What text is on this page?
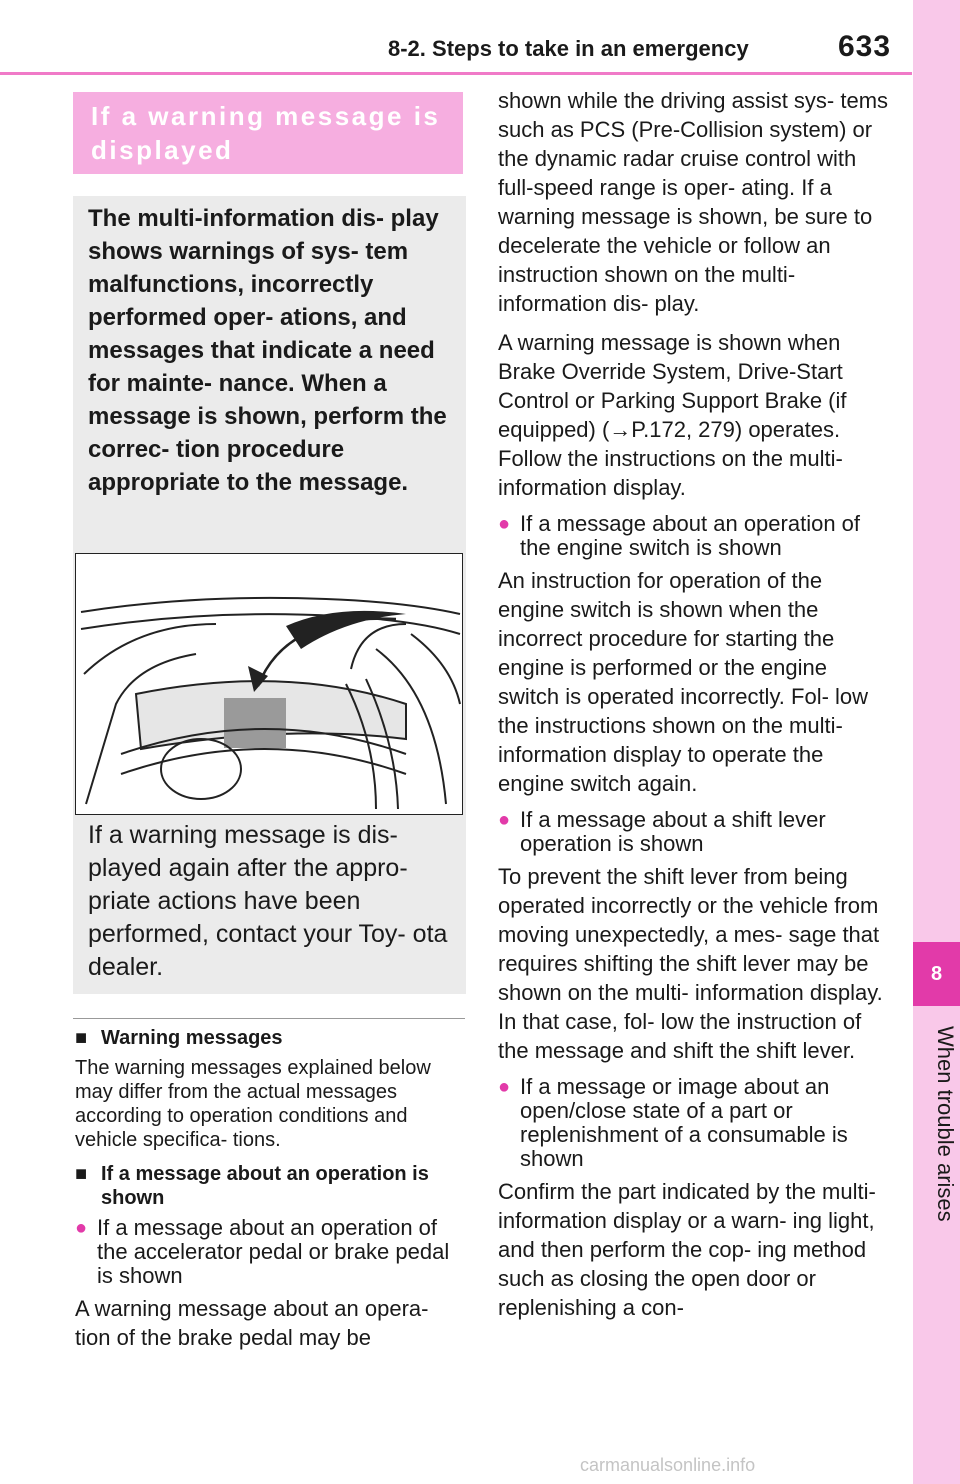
8-2. Steps to take in an emergency	633
8
When trouble arises
If a warning message is displayed
The multi-information dis- play shows warnings of sys- tem malfunctions, incorrectly performed oper- ations, and messages that indicate a need for mainte- nance. When a message is shown, perform the correc- tion procedure appropriate to the message.
If a warning message is dis- played again after the appro- priate actions have been performed, contact your Toy- ota dealer.

■ Warning messages

The warning messages explained below may differ from the actual messages according to operation conditions and vehicle specifica- tions.

■ If a message about an operation is shown

● If a message about an operation of the accelerator pedal or brake pedal is shown

A warning message about an opera- tion of the brake pedal may be

shown while the driving assist sys- tems such as PCS (Pre-Collision system) or the dynamic radar cruise control with full-speed range is oper- ating. If a warning message is shown, be sure to decelerate the vehicle or follow an instruction shown on the multi-information dis- play.

A warning message is shown when Brake Override System, Drive-Start Control or Parking Support Brake (if equipped) (→P.172, 279) operates. Follow the instructions on the multi- information display.

● If a message about an operation of the engine switch is shown

An instruction for operation of the engine switch is shown when the incorrect procedure for starting the engine is performed or the engine switch is operated incorrectly. Fol- low the instructions shown on the multi-information display to operate the engine switch again.

● If a message about a shift lever operation is shown

To prevent the shift lever from being operated incorrectly or the vehicle from moving unexpectedly, a mes- sage that requires shifting the shift lever may be shown on the multi- information display. In that case, fol- low the instruction of the message and shift the shift lever.

● If a message or image about an open/close state of a part or replenishment of a consumable is shown

Confirm the part indicated by the multi-information display or a warn- ing light, and then perform the cop- ing method such as closing the open door or replenishing a con-

carmanualsonline.info
